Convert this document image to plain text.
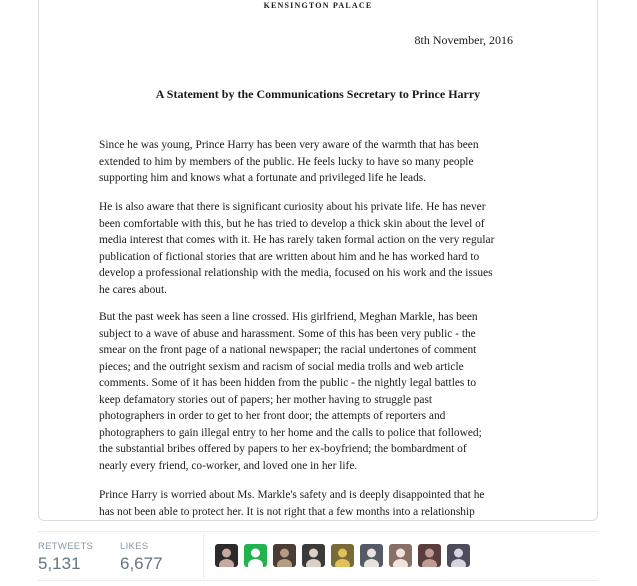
KENSINGTON PALACE
8th November, 2016
A Statement by the Communications Secretary to Prince Harry
Since he was young, Prince Harry has been very aware of the warmth that has been
extended to him by members of the public. He feels lucky to have so many people
supporting him and knows what a fortunate and privileged life he leads.
He is also aware that there is significant curiosity about his private life. He has never
been comfortable with this, but he has tried to develop a thick skin about the level of
media interest that comes with it. He has rarely taken formal action on the very regular
publication of fictional stories that are written about him and he has worked hard to
develop a professional relationship with the media, focused on his work and the issues
he cares about.
But the past week has seen a line crossed. His girlfriend, Meghan Markle, has been
subject to a wave of abuse and harassment. Some of this has been very public - the
smear on the front page of a national newspaper; the racial undertones of comment
pieces; and the outright sexism and racism of social media trolls and web article
comments. Some of it has been hidden from the public - the nightly legal battles to
keep defamatory stories out of papers; her mother having to struggle past
photographers in order to get to her front door; the attempts of reporters and
photographers to gain illegal entry to her home and the calls to police that followed;
the substantial bribes offered by papers to her ex-boyfriend; the bombardment of
nearly every friend, co-worker, and loved one in her life.
Prince Harry is worried about Ms. Markle's safety and is deeply disappointed that he
has not been able to protect her. It is not right that a few months into a relationship
RETWEETS
5,131
LIKES
6,677
